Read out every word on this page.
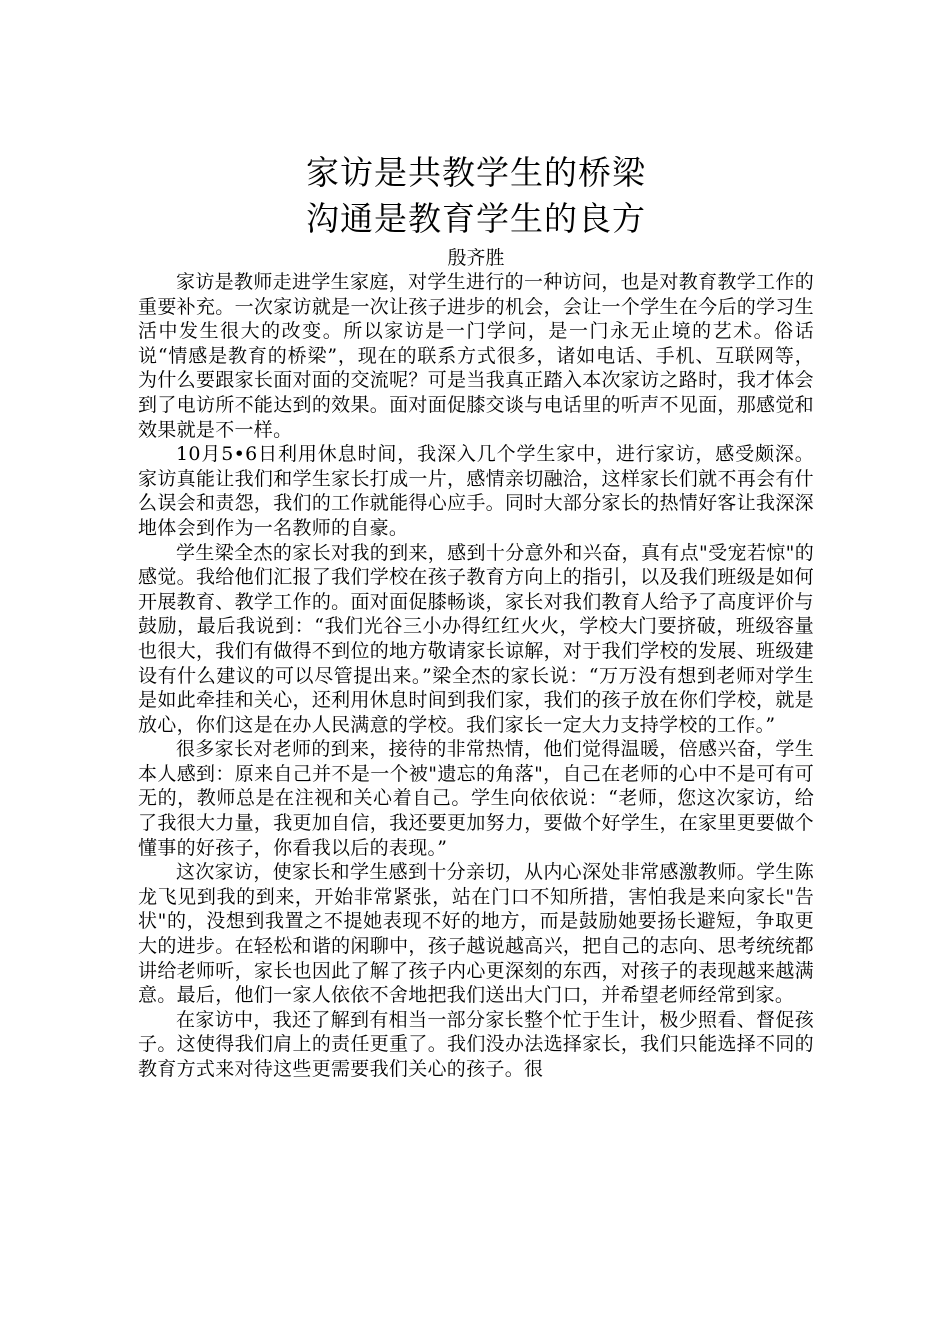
家访是共教学生的桥梁
沟通是教育学生的良方
殷齐胜

家访是教师走进学生家庭，对学生进行的一种访问，也是对教育教学工作的重要补充。一次家访就是一次让孩子进步的机会，会让一个学生在今后的学习生活中发生很大的改变。所以家访是一门学问，是一门永无止境的艺术。俗话说“情感是教育的桥梁”，现在的联系方式很多，诸如电话、手机、互联网等，为什么要跟家长面对面的交流呢？可是当我真正踏入本次家访之路时，我才体会到了电访所不能达到的效果。面对面促膝交谈与电话里的听声不见面，那感觉和效果就是不一样。

10月5•6日利用休息时间，我深入几个学生家中，进行家访，感受颇深。家访真能让我们和学生家长打成一片，感情亲切融洽，这样家长们就不再会有什么误会和责怨，我们的工作就能得心应手。同时大部分家长的热情好客让我深深地体会到作为一名教师的自豪。

学生梁全杰的家长对我的到来，感到十分意外和兴奋，真有点"受宠若惊"的感觉。我给他们汇报了我们学校在孩子教育方向上的指引，以及我们班级是如何开展教育、教学工作的。面对面促膝畅谈，家长对我们教育人给予了高度评价与鼓励，最后我说到：“我们光谷三小办得红红火火，学校大门要挤破，班级容量也很大，我们有做得不到位的地方敬请家长谅解，对于我们学校的发展、班级建设有什么建议的可以尽管提出来。”梁全杰的家长说：“万万没有想到老师对学生是如此牵挂和关心，还利用休息时间到我们家，我们的孩子放在你们学校，就是放心，你们这是在办人民满意的学校。我们家长一定大力支持学校的工作。”

很多家长对老师的到来，接待的非常热情，他们觉得温暖，倍感兴奋，学生本人感到：原来自己并不是一个被"遗忘的角落"，自己在老师的心中不是可有可无的，教师总是在注视和关心着自己。学生向依依说：“老师，您这次家访，给了我很大力量，我更加自信，我还要更加努力，要做个好学生，在家里更要做个懂事的好孩子，你看我以后的表现。”

这次家访，使家长和学生感到十分亲切，从内心深处非常感激教师。学生陈龙飞见到我的到来，开始非常紧张，站在门口不知所措，害怕我是来向家长"告状"的，没想到我置之不提她表现不好的地方，而是鼓励她要扬长避短，争取更大的进步。在轻松和谐的闲聊中，孩子越说越高兴，把自己的志向、思考统统都讲给老师听，家长也因此了解了孩子内心更深刻的东西，对孩子的表现越来越满意。最后，他们一家人依依不舍地把我们送出大门口，并希望老师经常到家。

在家访中，我还了解到有相当一部分家长整个忙于生计，极少照看、督促孩子。这使得我们肩上的责任更重了。我们没办法选择家长，我们只能选择不同的教育方式来对待这些更需要我们关心的孩子。很
